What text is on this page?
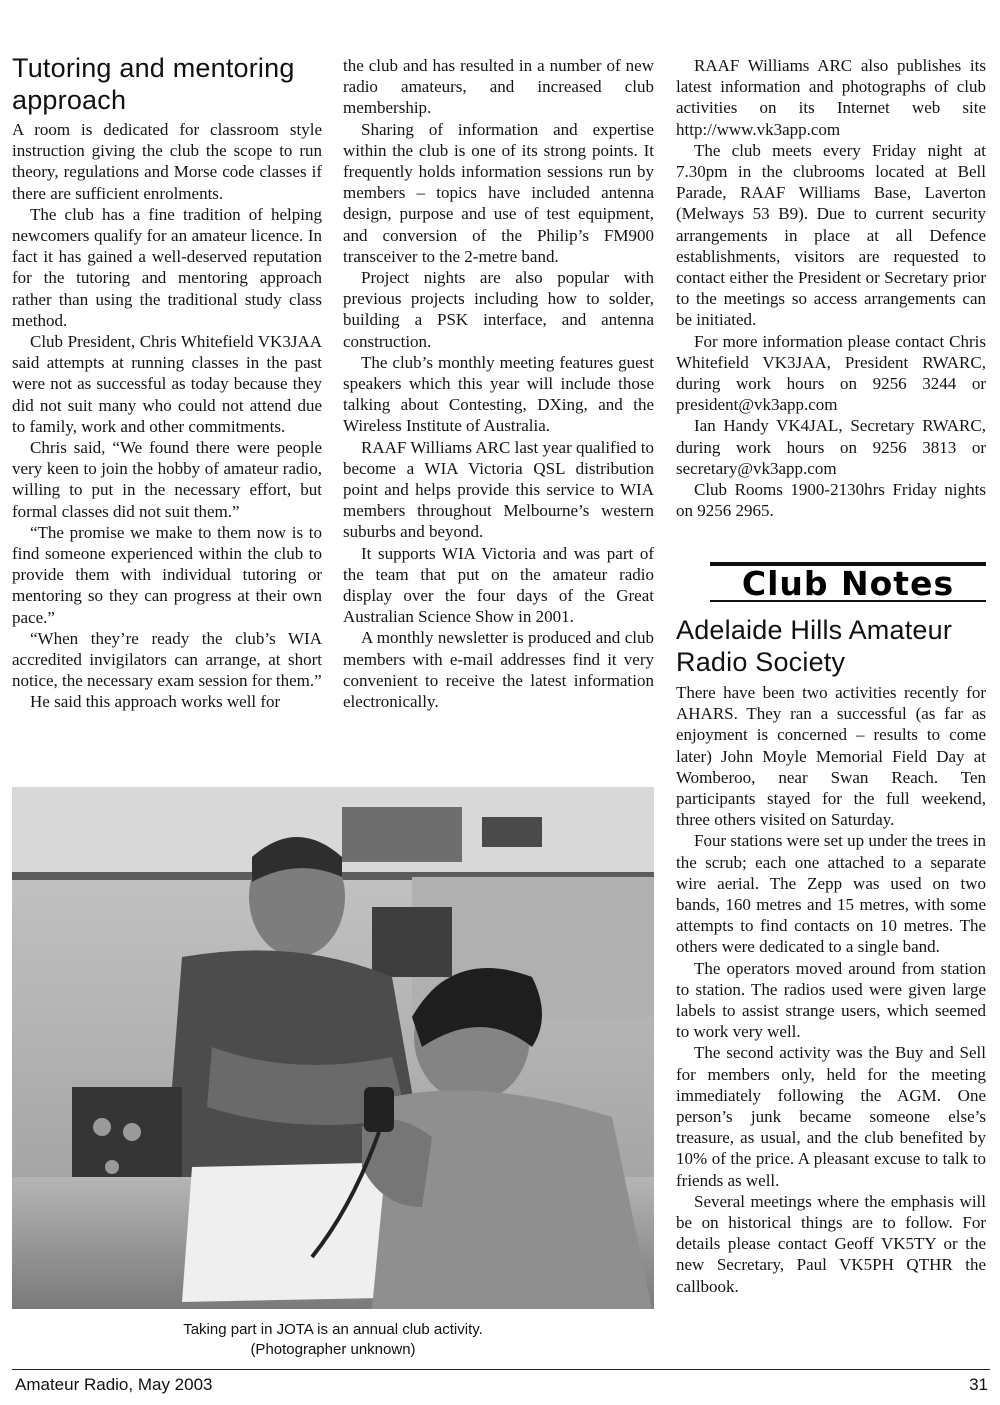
Tutoring and mentoring approach

A room is dedicated for classroom style instruction giving the club the scope to run theory, regulations and Morse code classes if there are sufficient enrolments.

The club has a fine tradition of helping newcomers qualify for an amateur licence. In fact it has gained a well-deserved reputation for the tutoring and mentoring approach rather than using the traditional study class method.

Club President, Chris Whitefield VK3JAA said attempts at running classes in the past were not as successful as today because they did not suit many who could not attend due to family, work and other commitments.

Chris said, “We found there were people very keen to join the hobby of amateur radio, willing to put in the necessary effort, but formal classes did not suit them.”

“The promise we make to them now is to find someone experienced within the club to provide them with individual tutoring or mentoring so they can progress at their own pace.”

“When they’re ready the club’s WIA accredited invigilators can arrange, at short notice, the necessary exam session for them.”

He said this approach works well for

the club and has resulted in a number of new radio amateurs, and increased club membership.

Sharing of information and expertise within the club is one of its strong points. It frequently holds information sessions run by members – topics have included antenna design, purpose and use of test equipment, and conversion of the Philip’s FM900 transceiver to the 2-metre band.

Project nights are also popular with previous projects including how to solder, building a PSK interface, and antenna construction.

The club’s monthly meeting features guest speakers which this year will include those talking about Contesting, DXing, and the Wireless Institute of Australia.

RAAF Williams ARC last year qualified to become a WIA Victoria QSL distribution point and helps provide this service to WIA members throughout Melbourne’s western suburbs and beyond.

It supports WIA Victoria and was part of the team that put on the amateur radio display over the four days of the Great Australian Science Show in 2001.

A monthly newsletter is produced and club members with e-mail addresses find it very convenient to receive the latest information electronically.

RAAF Williams ARC also publishes its latest information and photographs of club activities on its Internet web site http://www.vk3app.com

The club meets every Friday night at 7.30pm in the clubrooms located at Bell Parade, RAAF Williams Base, Laverton (Melways 53 B9). Due to current security arrangements in place at all Defence establishments, visitors are requested to contact either the President or Secretary prior to the meetings so access arrangements can be initiated.

For more information please contact Chris Whitefield VK3JAA, President RWARC, during work hours on 9256 3244 or president@vk3app.com

Ian Handy VK4JAL, Secretary RWARC, during work hours on 9256 3813 or secretary@vk3app.com

Club Rooms 1900-2130hrs Friday nights on 9256 2965.

Club Notes
Adelaide Hills Amateur Radio Society

There have been two activities recently for AHARS. They ran a successful (as far as enjoyment is concerned – results to come later) John Moyle Memorial Field Day at Womberoo, near Swan Reach. Ten participants stayed for the full weekend, three others visited on Saturday.

Four stations were set up under the trees in the scrub; each one attached to a separate wire aerial. The Zepp was used on two bands, 160 metres and 15 metres, with some attempts to find contacts on 10 metres. The others were dedicated to a single band.

The operators moved around from station to station. The radios used were given large labels to assist strange users, which seemed to work very well.

The second activity was the Buy and Sell for members only, held for the meeting immediately following the AGM. One person’s junk became someone else’s treasure, as usual, and the club benefited by 10% of the price. A pleasant excuse to talk to friends as well.

Several meetings where the emphasis will be on historical things are to follow. For details please contact Geoff VK5TY or the new Secretary, Paul VK5PH QTHR the callbook.

Taking part in JOTA is an annual club activity.
(Photographer unknown)
Amateur Radio, May 2003	31
